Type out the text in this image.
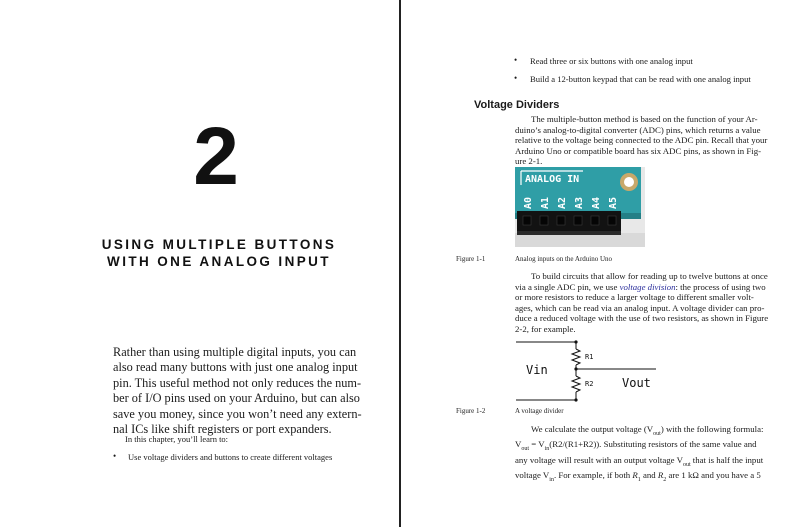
2
USING MULTIPLE BUTTONS
WITH ONE ANALOG INPUT
Rather than using multiple digital inputs, you can
also read many buttons with just one analog input
pin. This useful method not only reduces the num-
ber of I/O pins used on your Arduino, but can also
save you money, since you won’t need any extern-
nal ICs like shift registers or port expanders.
In this chapter, you’ll learn to:
• Use voltage dividers and buttons to create different voltages
• Read three or six buttons with one analog input
• Build a 12-button keypad that can be read with one analog input
Voltage Dividers
The multiple-button method is based on the function of your Ar-
duino’s analog-to-digital converter (ADC) pins, which returns a value
relative to the voltage being connected to the ADC pin. Recall that your
Arduino Uno or compatible board has six ADC pins, as shown in Fig-
ure 2-1.
ANALOG IN
A0 A1 A2 A3 A4 A5
Figure 1-1	Analog inputs on the Arduino Uno
To build circuits that allow for reading up to twelve buttons at once
via a single ADC pin, we use voltage division: the process of using two
or more resistors to reduce a larger voltage to different smaller volt-
ages, which can be read via an analog input. A voltage divider can pro-
duce a reduced voltage with the use of two resistors, as shown in Figure
2-2, for example.
Vin
Vout
R1
R2
Figure 1-2	A voltage divider
We calculate the output voltage $(V_{out})$ with the following formula:
$V_{out} = V_{in}(R2/(R1+R2))$. Substituting resistors of the same value and
any voltage will result with an output voltage $V_{out}$ that is half the input
voltage $V_{in}$. For example, if both $R_1$ and $R_2$ are 1 kΩ and you have a 5
